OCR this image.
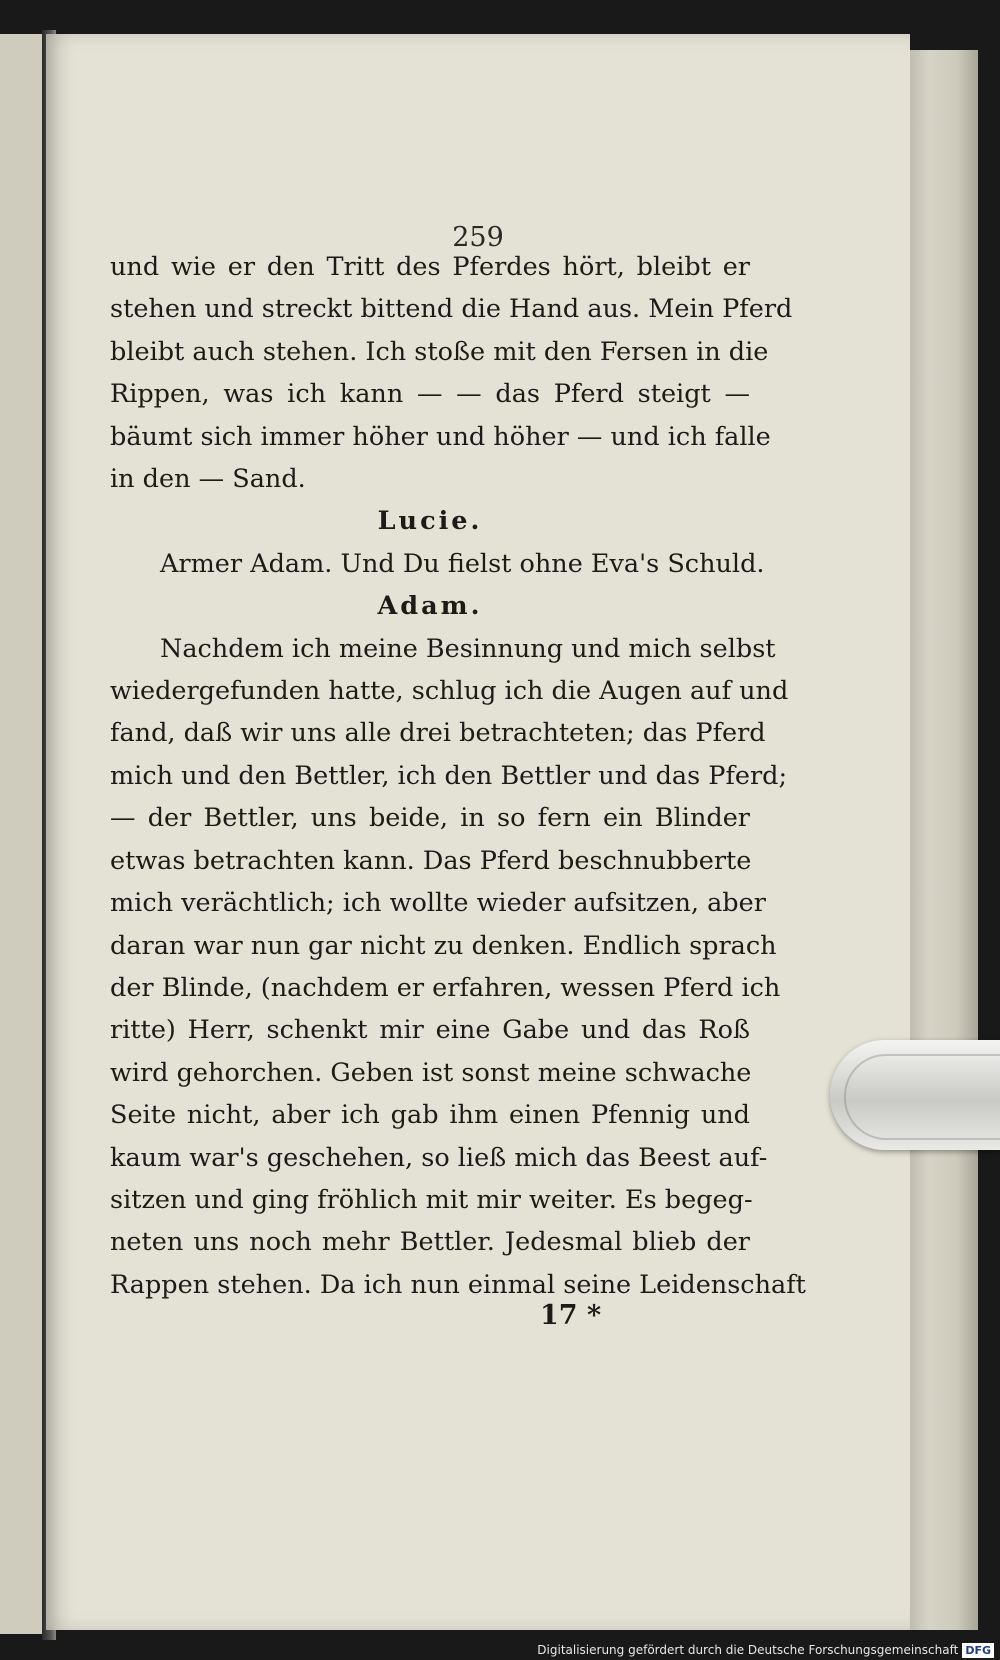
259
und wie er den Tritt des Pferdes hört, bleibt er
stehen und streckt bittend die Hand aus. Mein Pferd
bleibt auch stehen. Ich stoße mit den Fersen in die
Rippen, was ich kann — — das Pferd steigt —
bäumt sich immer höher und höher — und ich falle
in den — Sand.
Lucie.
Armer Adam. Und Du fielst ohne Eva's Schuld.
Adam.
Nachdem ich meine Besinnung und mich selbst
wiedergefunden hatte, schlug ich die Augen auf und
fand, daß wir uns alle drei betrachteten; das Pferd
mich und den Bettler, ich den Bettler und das Pferd;
— der Bettler, uns beide, in so fern ein Blinder
etwas betrachten kann. Das Pferd beschnubberte
mich verächtlich; ich wollte wieder aufsitzen, aber
daran war nun gar nicht zu denken. Endlich sprach
der Blinde, (nachdem er erfahren, wessen Pferd ich
ritte) Herr, schenkt mir eine Gabe und das Roß
wird gehorchen. Geben ist sonst meine schwache
Seite nicht, aber ich gab ihm einen Pfennig und
kaum war's geschehen, so ließ mich das Beest auf-
sitzen und ging fröhlich mit mir weiter. Es begeg-
neten uns noch mehr Bettler. Jedesmal blieb der
Rappen stehen. Da ich nun einmal seine Leidenschaft
17 *
Digitalisierung gefördert durch die Deutsche Forschungsgemeinschaft DFG
